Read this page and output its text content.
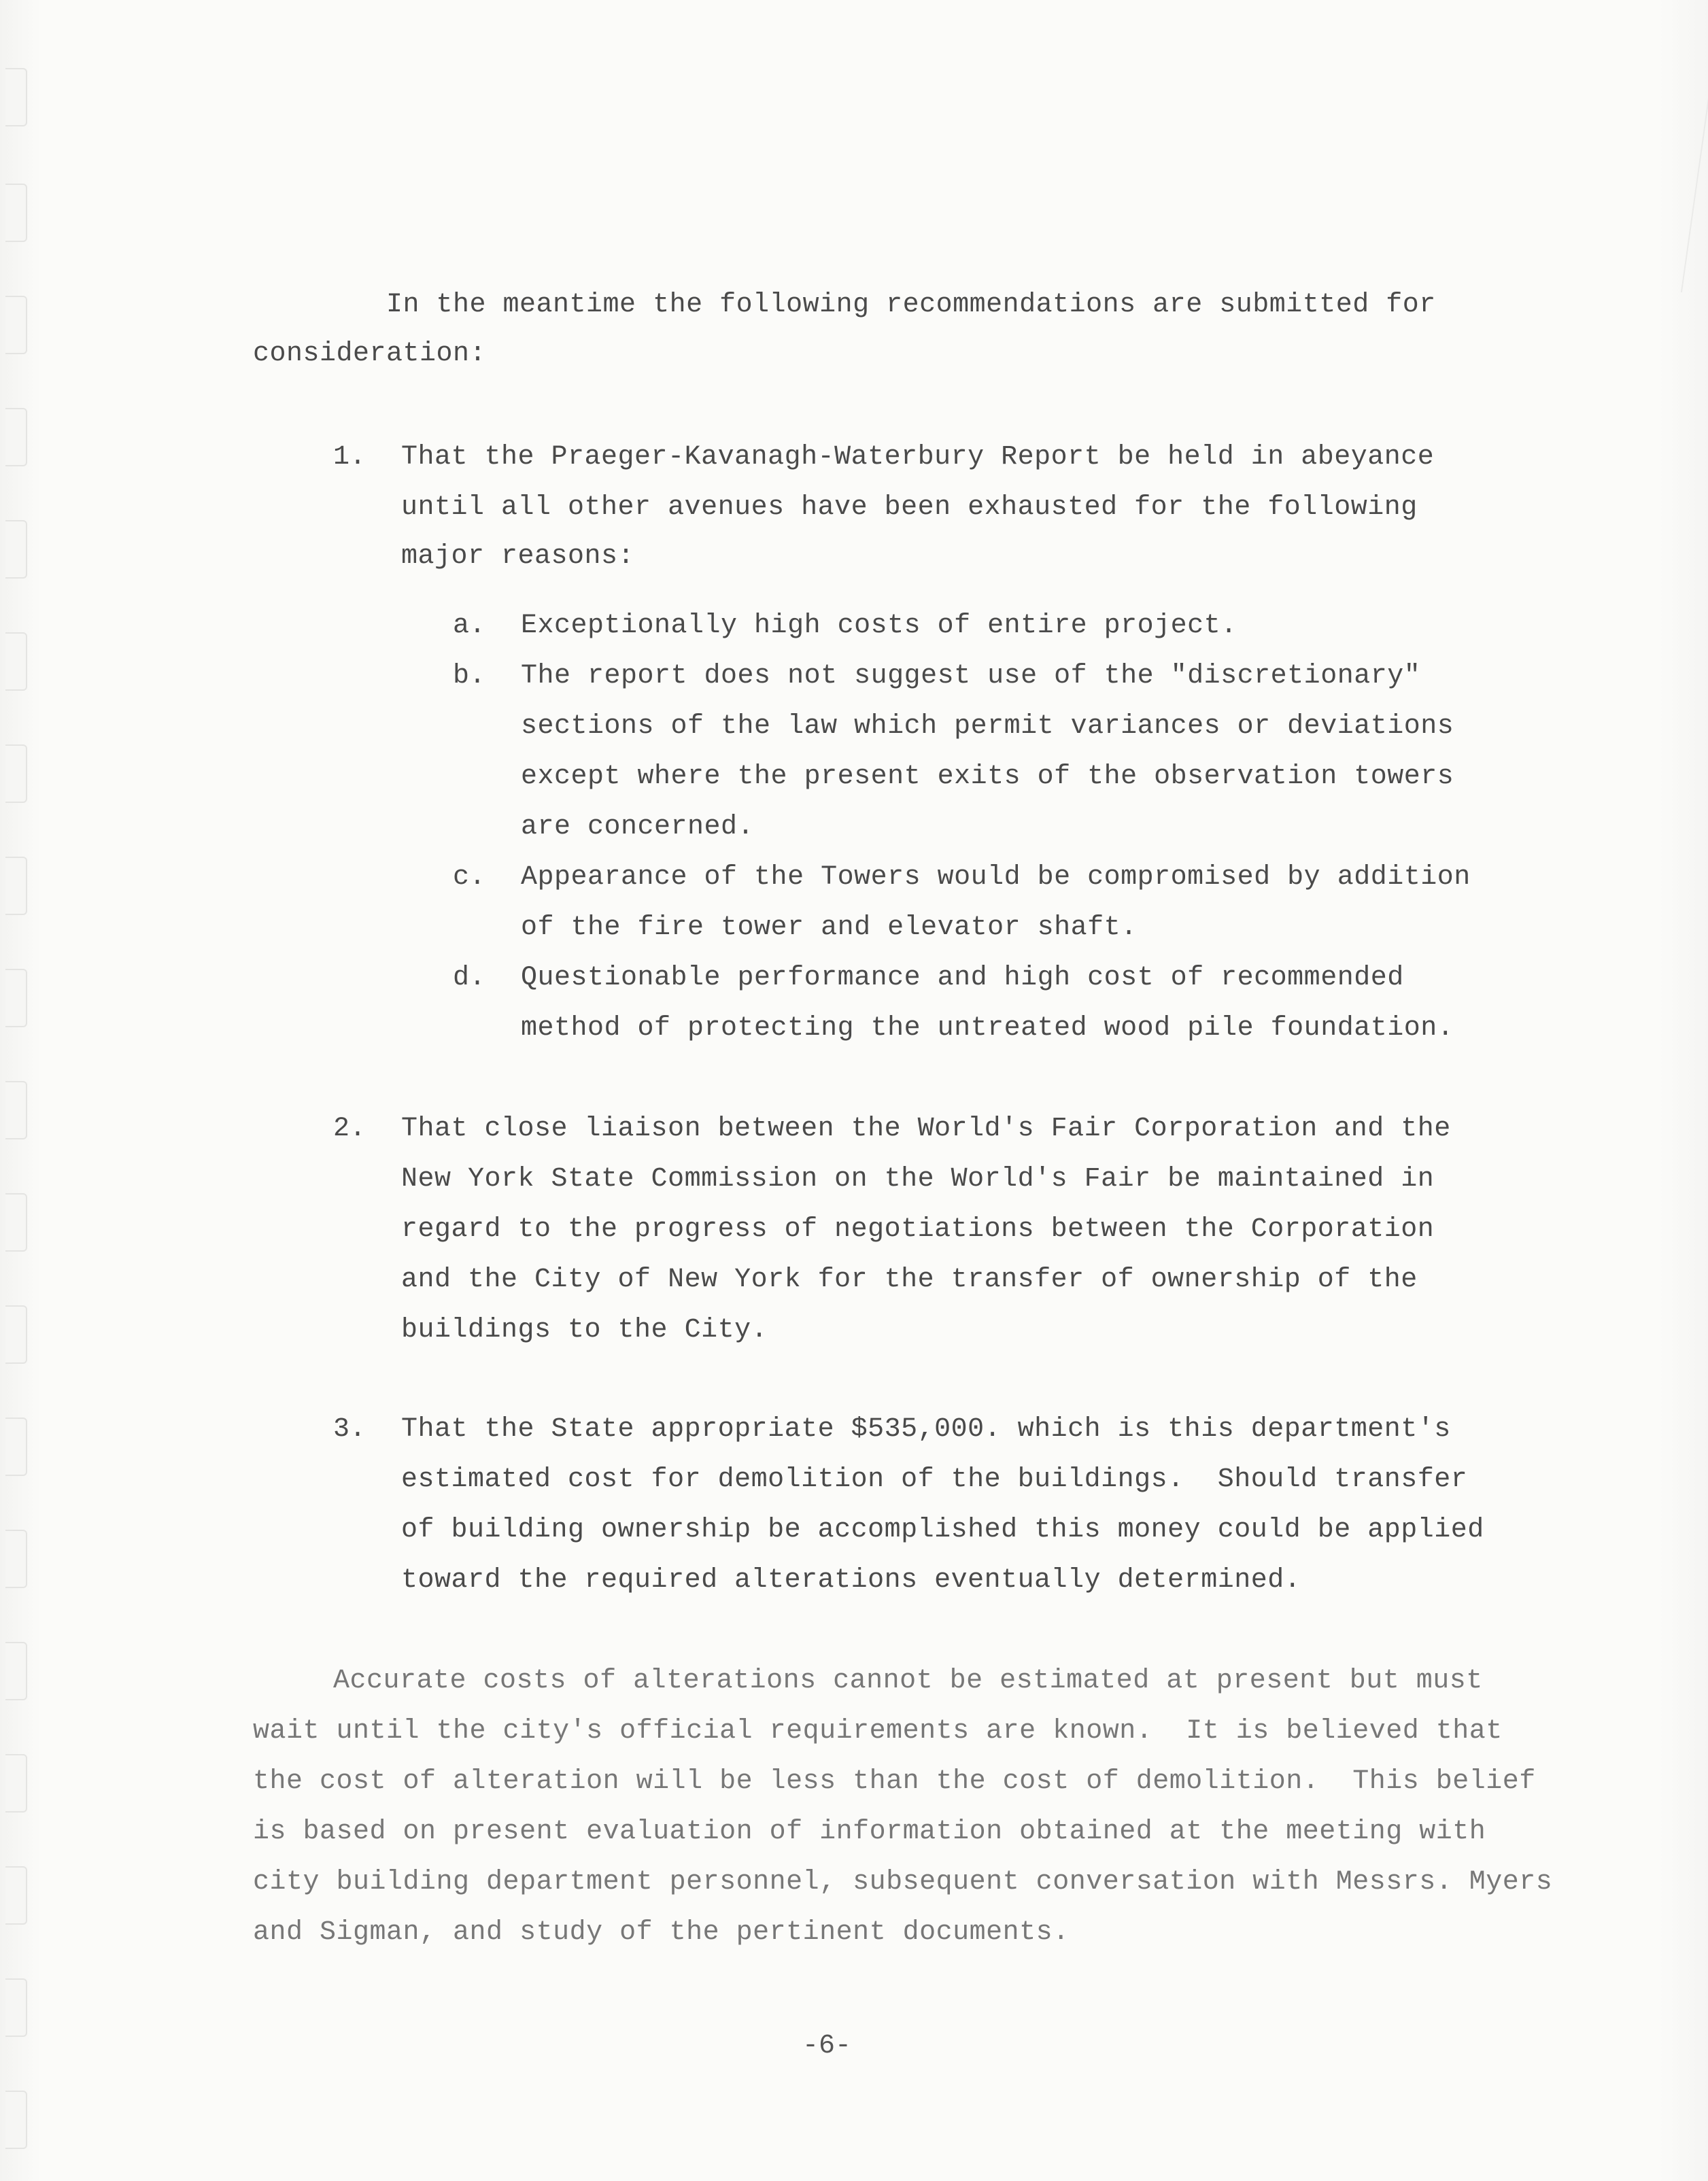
In the meantime the following recommendations are submitted for
consideration:
1. That the Praeger-Kavanagh-Waterbury Report be held in abeyance
until all other avenues have been exhausted for the following
major reasons:
a. Exceptionally high costs of entire project.
b. The report does not suggest use of the "discretionary"
sections of the law which permit variances or deviations
except where the present exits of the observation towers
are concerned.
c. Appearance of the Towers would be compromised by addition
of the fire tower and elevator shaft.
d. Questionable performance and high cost of recommended
method of protecting the untreated wood pile foundation.
2. That close liaison between the World's Fair Corporation and the
New York State Commission on the World's Fair be maintained in
regard to the progress of negotiations between the Corporation
and the City of New York for the transfer of ownership of the
buildings to the City.
3. That the State appropriate $535,000. which is this department's
estimated cost for demolition of the buildings.  Should transfer
of building ownership be accomplished this money could be applied
toward the required alterations eventually determined.
Accurate costs of alterations cannot be estimated at present but must
wait until the city's official requirements are known.  It is believed that
the cost of alteration will be less than the cost of demolition.  This belief
is based on present evaluation of information obtained at the meeting with
city building department personnel, subsequent conversation with Messrs. Myers
and Sigman, and study of the pertinent documents.
-6-
